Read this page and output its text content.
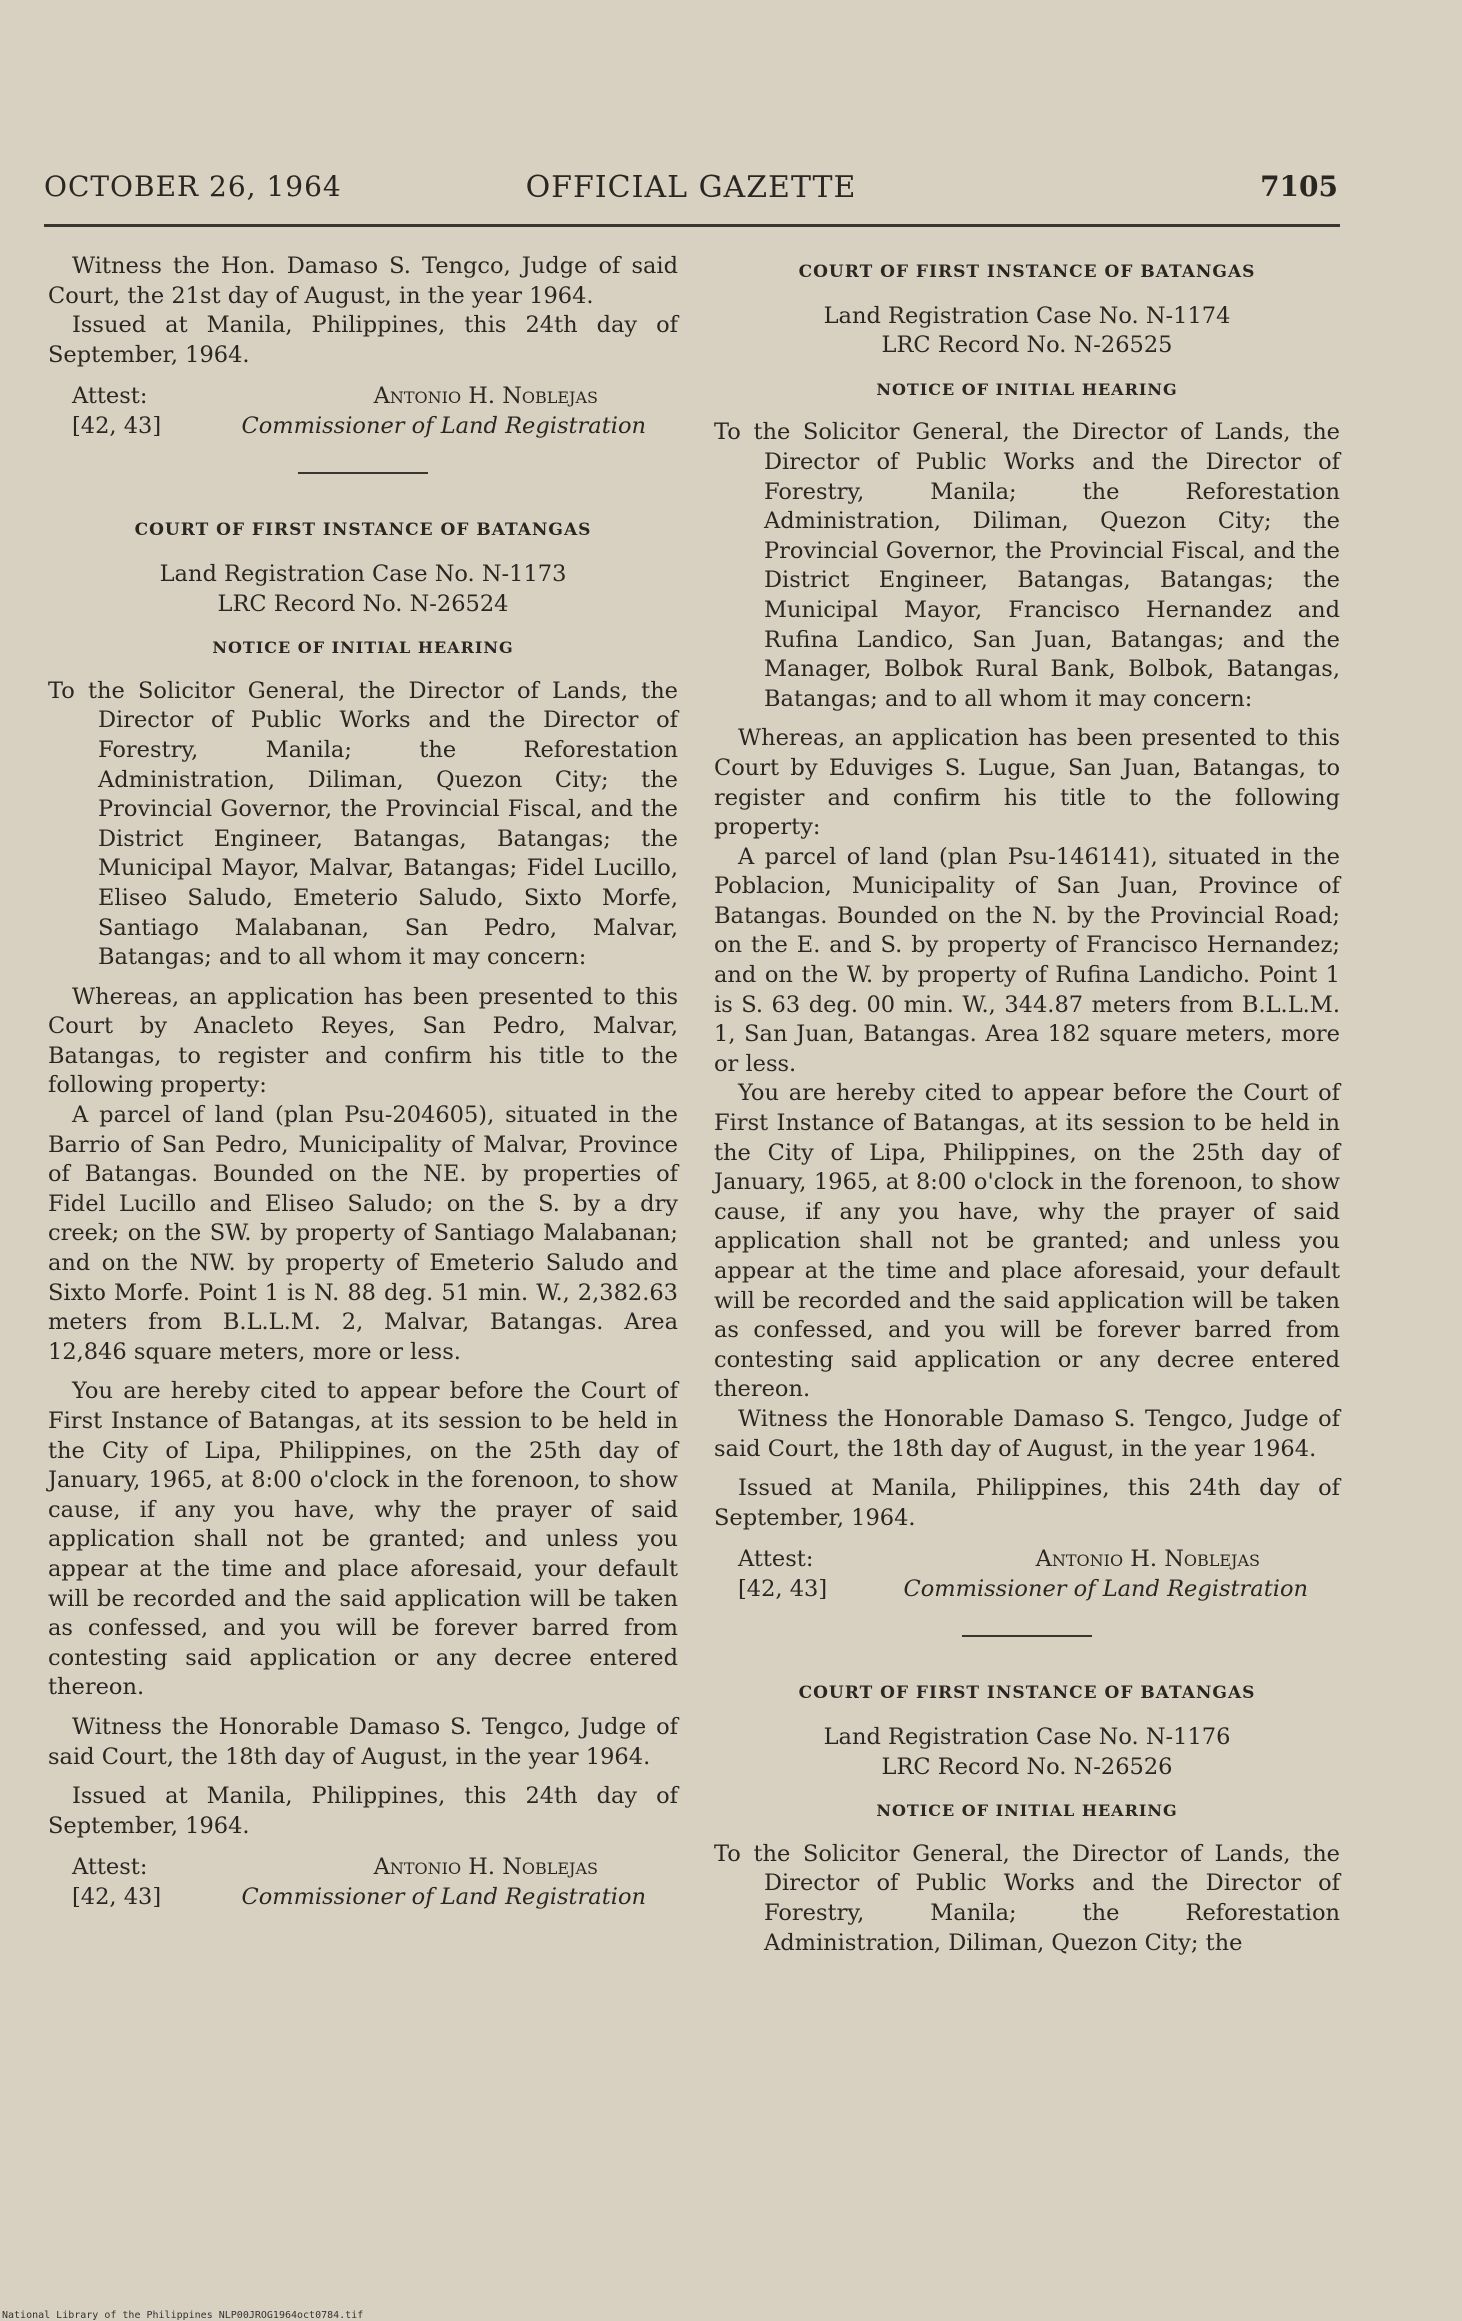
OCTOBER 26, 1964	OFFICIAL GAZETTE	7105

Witness the Hon. Damaso S. Tengco, Judge of said Court, the 21st day of August, in the year 1964.

Issued at Manila, Philippines, this 24th day of September, 1964.

Attest:
[42, 43]
Antonio H. Noblejas
Commissioner of Land Registration
COURT OF FIRST INSTANCE OF BATANGAS
Land Registration Case No. N-1173
LRC Record No. N-26524
NOTICE OF INITIAL HEARING

To the Solicitor General, the Director of Lands, the Director of Public Works and the Director of Forestry, Manila; the Reforestation Administration, Diliman, Quezon City; the Provincial Governor, the Provincial Fiscal, and the District Engineer, Batangas, Batangas; the Municipal Mayor, Malvar, Batangas; Fidel Lucillo, Eliseo Saludo, Emeterio Saludo, Sixto Morfe, Santiago Malabanan, San Pedro, Malvar, Batangas; and to all whom it may concern:

Whereas, an application has been presented to this Court by Anacleto Reyes, San Pedro, Malvar, Batangas, to register and confirm his title to the following property:

A parcel of land (plan Psu-204605), situated in the Barrio of San Pedro, Municipality of Malvar, Province of Batangas. Bounded on the NE. by properties of Fidel Lucillo and Eliseo Saludo; on the S. by a dry creek; on the SW. by property of Santiago Malabanan; and on the NW. by property of Emeterio Saludo and Sixto Morfe. Point 1 is N. 88 deg. 51 min. W., 2,382.63 meters from B.L.L.M. 2, Malvar, Batangas. Area 12,846 square meters, more or less.

You are hereby cited to appear before the Court of First Instance of Batangas, at its session to be held in the City of Lipa, Philippines, on the 25th day of January, 1965, at 8:00 o'clock in the forenoon, to show cause, if any you have, why the prayer of said application shall not be granted; and unless you appear at the time and place aforesaid, your default will be recorded and the said application will be taken as confessed, and you will be forever barred from contesting said application or any decree entered thereon.

Witness the Honorable Damaso S. Tengco, Judge of said Court, the 18th day of August, in the year 1964.

Issued at Manila, Philippines, this 24th day of September, 1964.

Attest:
[42, 43]
Antonio H. Noblejas
Commissioner of Land Registration
COURT OF FIRST INSTANCE OF BATANGAS
Land Registration Case No. N-1174
LRC Record No. N-26525
NOTICE OF INITIAL HEARING

To the Solicitor General, the Director of Lands, the Director of Public Works and the Director of Forestry, Manila; the Reforestation Administration, Diliman, Quezon City; the Provincial Governor, the Provincial Fiscal, and the District Engineer, Batangas, Batangas; the Municipal Mayor, Francisco Hernandez and Rufina Landico, San Juan, Batangas; and the Manager, Bolbok Rural Bank, Bolbok, Batangas, Batangas; and to all whom it may concern:

Whereas, an application has been presented to this Court by Eduviges S. Lugue, San Juan, Batangas, to register and confirm his title to the following property:

A parcel of land (plan Psu-146141), situated in the Poblacion, Municipality of San Juan, Province of Batangas. Bounded on the N. by the Provincial Road; on the E. and S. by property of Francisco Hernandez; and on the W. by property of Rufina Landicho. Point 1 is S. 63 deg. 00 min. W., 344.87 meters from B.L.L.M. 1, San Juan, Batangas. Area 182 square meters, more or less.

You are hereby cited to appear before the Court of First Instance of Batangas, at its session to be held in the City of Lipa, Philippines, on the 25th day of January, 1965, at 8:00 o'clock in the forenoon, to show cause, if any you have, why the prayer of said application shall not be granted; and unless you appear at the time and place aforesaid, your default will be recorded and the said application will be taken as confessed, and you will be forever barred from contesting said application or any decree entered thereon.

Witness the Honorable Damaso S. Tengco, Judge of said Court, the 18th day of August, in the year 1964.

Issued at Manila, Philippines, this 24th day of September, 1964.

Attest:
[42, 43]
Antonio H. Noblejas
Commissioner of Land Registration
COURT OF FIRST INSTANCE OF BATANGAS
Land Registration Case No. N-1176
LRC Record No. N-26526
NOTICE OF INITIAL HEARING

To the Solicitor General, the Director of Lands, the Director of Public Works and the Director of Forestry, Manila; the Reforestation Administration, Diliman, Quezon City; the

National Library of the Philippines NLP00JROG1964oct0784.tif
